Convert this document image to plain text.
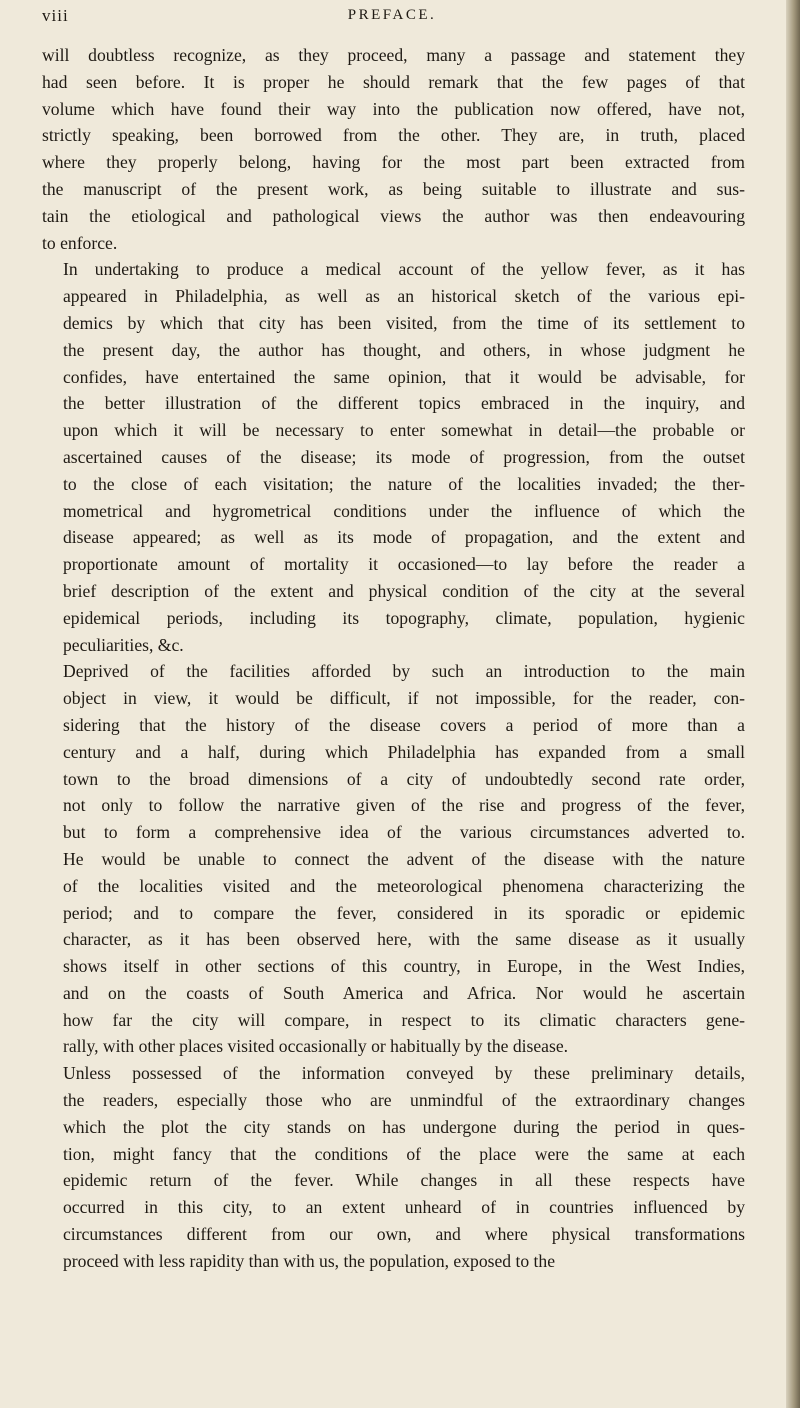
viii	PREFACE.

will doubtless recognize, as they proceed, many a passage and statement they
had seen before. It is proper he should remark that the few pages of that
volume which have found their way into the publication now offered, have not,
strictly speaking, been borrowed from the other. They are, in truth, placed
where they properly belong, having for the most part been extracted from
the manuscript of the present work, as being suitable to illustrate and sus-
tain the etiological and pathological views the author was then endeavouring
to enforce.

In undertaking to produce a medical account of the yellow fever, as it has
appeared in Philadelphia, as well as an historical sketch of the various epi-
demics by which that city has been visited, from the time of its settlement to
the present day, the author has thought, and others, in whose judgment he
confides, have entertained the same opinion, that it would be advisable, for
the better illustration of the different topics embraced in the inquiry, and
upon which it will be necessary to enter somewhat in detail—the probable or
ascertained causes of the disease; its mode of progression, from the outset
to the close of each visitation; the nature of the localities invaded; the ther-
mometrical and hygrometrical conditions under the influence of which the
disease appeared; as well as its mode of propagation, and the extent and
proportionate amount of mortality it occasioned—to lay before the reader a
brief description of the extent and physical condition of the city at the several
epidemical periods, including its topography, climate, population, hygienic
peculiarities, &c.

Deprived of the facilities afforded by such an introduction to the main
object in view, it would be difficult, if not impossible, for the reader, con-
sidering that the history of the disease covers a period of more than a
century and a half, during which Philadelphia has expanded from a small
town to the broad dimensions of a city of undoubtedly second rate order,
not only to follow the narrative given of the rise and progress of the fever,
but to form a comprehensive idea of the various circumstances adverted to.
He would be unable to connect the advent of the disease with the nature
of the localities visited and the meteorological phenomena characterizing the
period; and to compare the fever, considered in its sporadic or epidemic
character, as it has been observed here, with the same disease as it usually
shows itself in other sections of this country, in Europe, in the West Indies,
and on the coasts of South America and Africa. Nor would he ascertain
how far the city will compare, in respect to its climatic characters gene-
rally, with other places visited occasionally or habitually by the disease.

Unless possessed of the information conveyed by these preliminary details,
the readers, especially those who are unmindful of the extraordinary changes
which the plot the city stands on has undergone during the period in ques-
tion, might fancy that the conditions of the place were the same at each
epidemic return of the fever. While changes in all these respects have
occurred in this city, to an extent unheard of in countries influenced by
circumstances different from our own, and where physical transformations
proceed with less rapidity than with us, the population, exposed to the
